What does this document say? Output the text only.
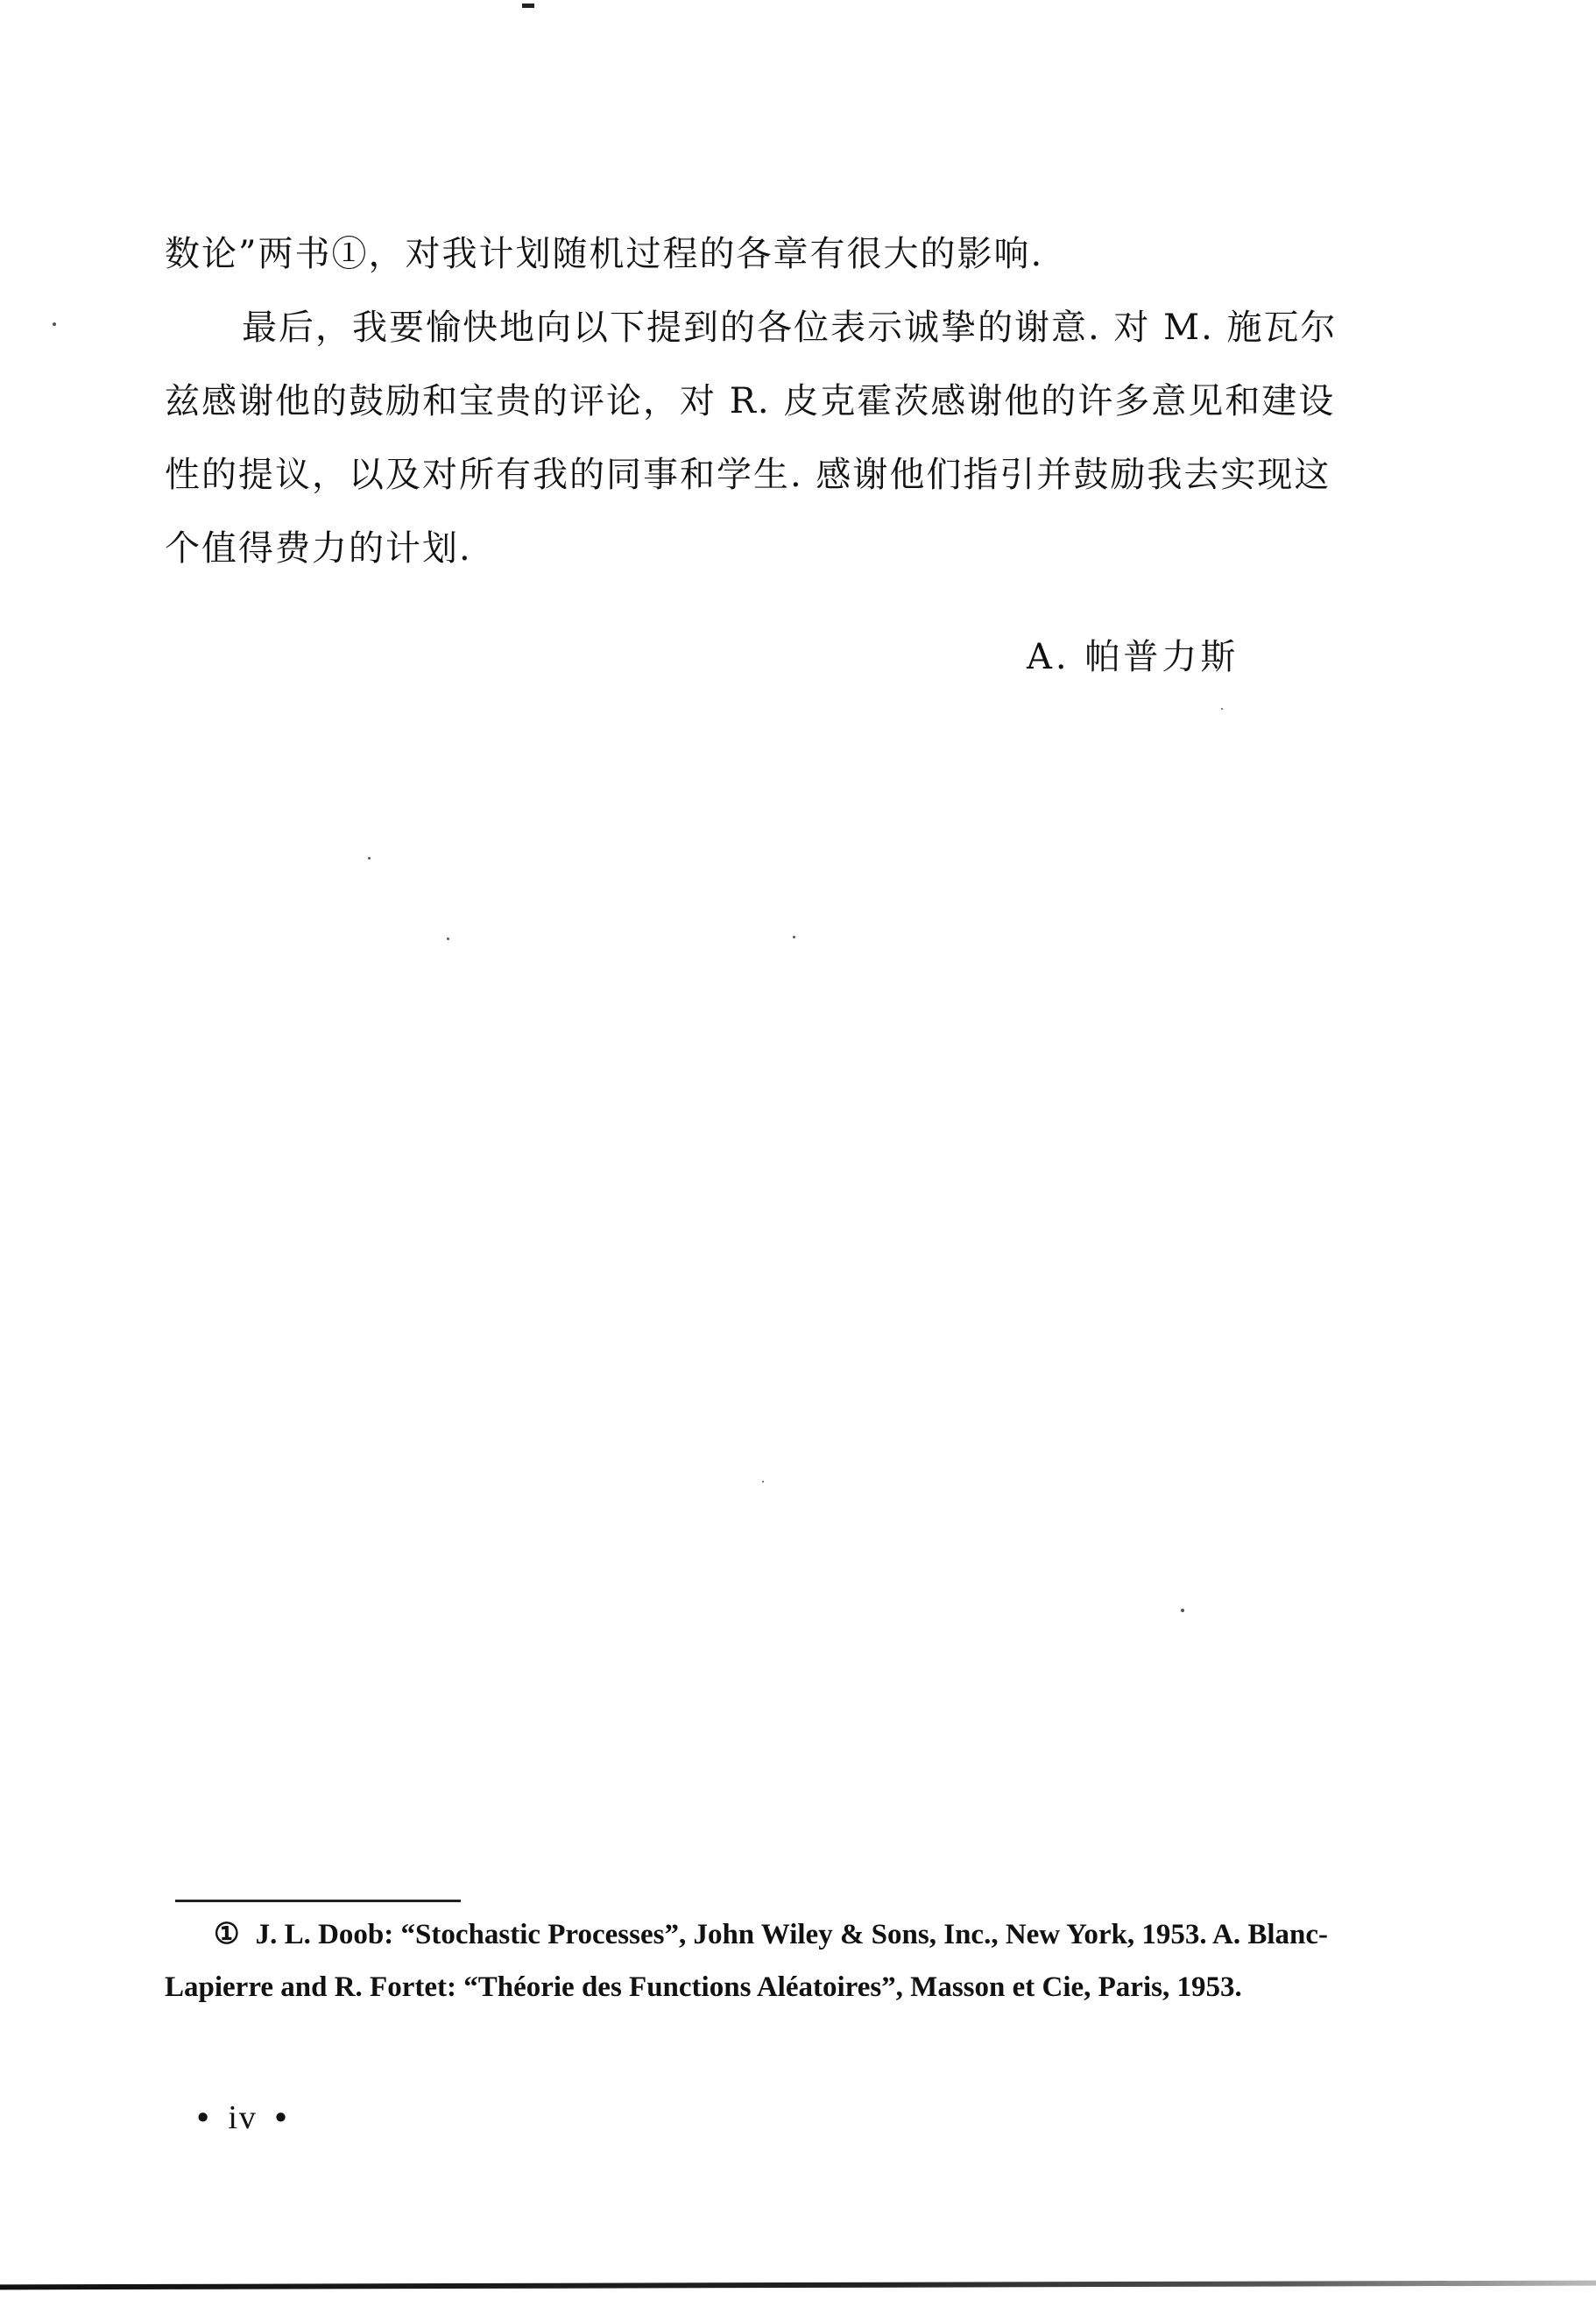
数论”两书①，对我计划随机过程的各章有很大的影响.

最后，我要愉快地向以下提到的各位表示诚挚的谢意. 对 M. 施瓦尔兹感谢他的鼓励和宝贵的评论，对 R. 皮克霍茨感谢他的许多意见和建设性的提议，以及对所有我的同事和学生. 感谢他们指引并鼓励我去实现这个值得费力的计划.

A. 帕普力斯

① J. L. Doob: “Stochastic Processes”, John Wiley & Sons, Inc., New York, 1953. A. Blanc-Lapierre and R. Fortet: “Théorie des Functions Aléatoires”, Masson et Cie, Paris, 1953.

• iv •
